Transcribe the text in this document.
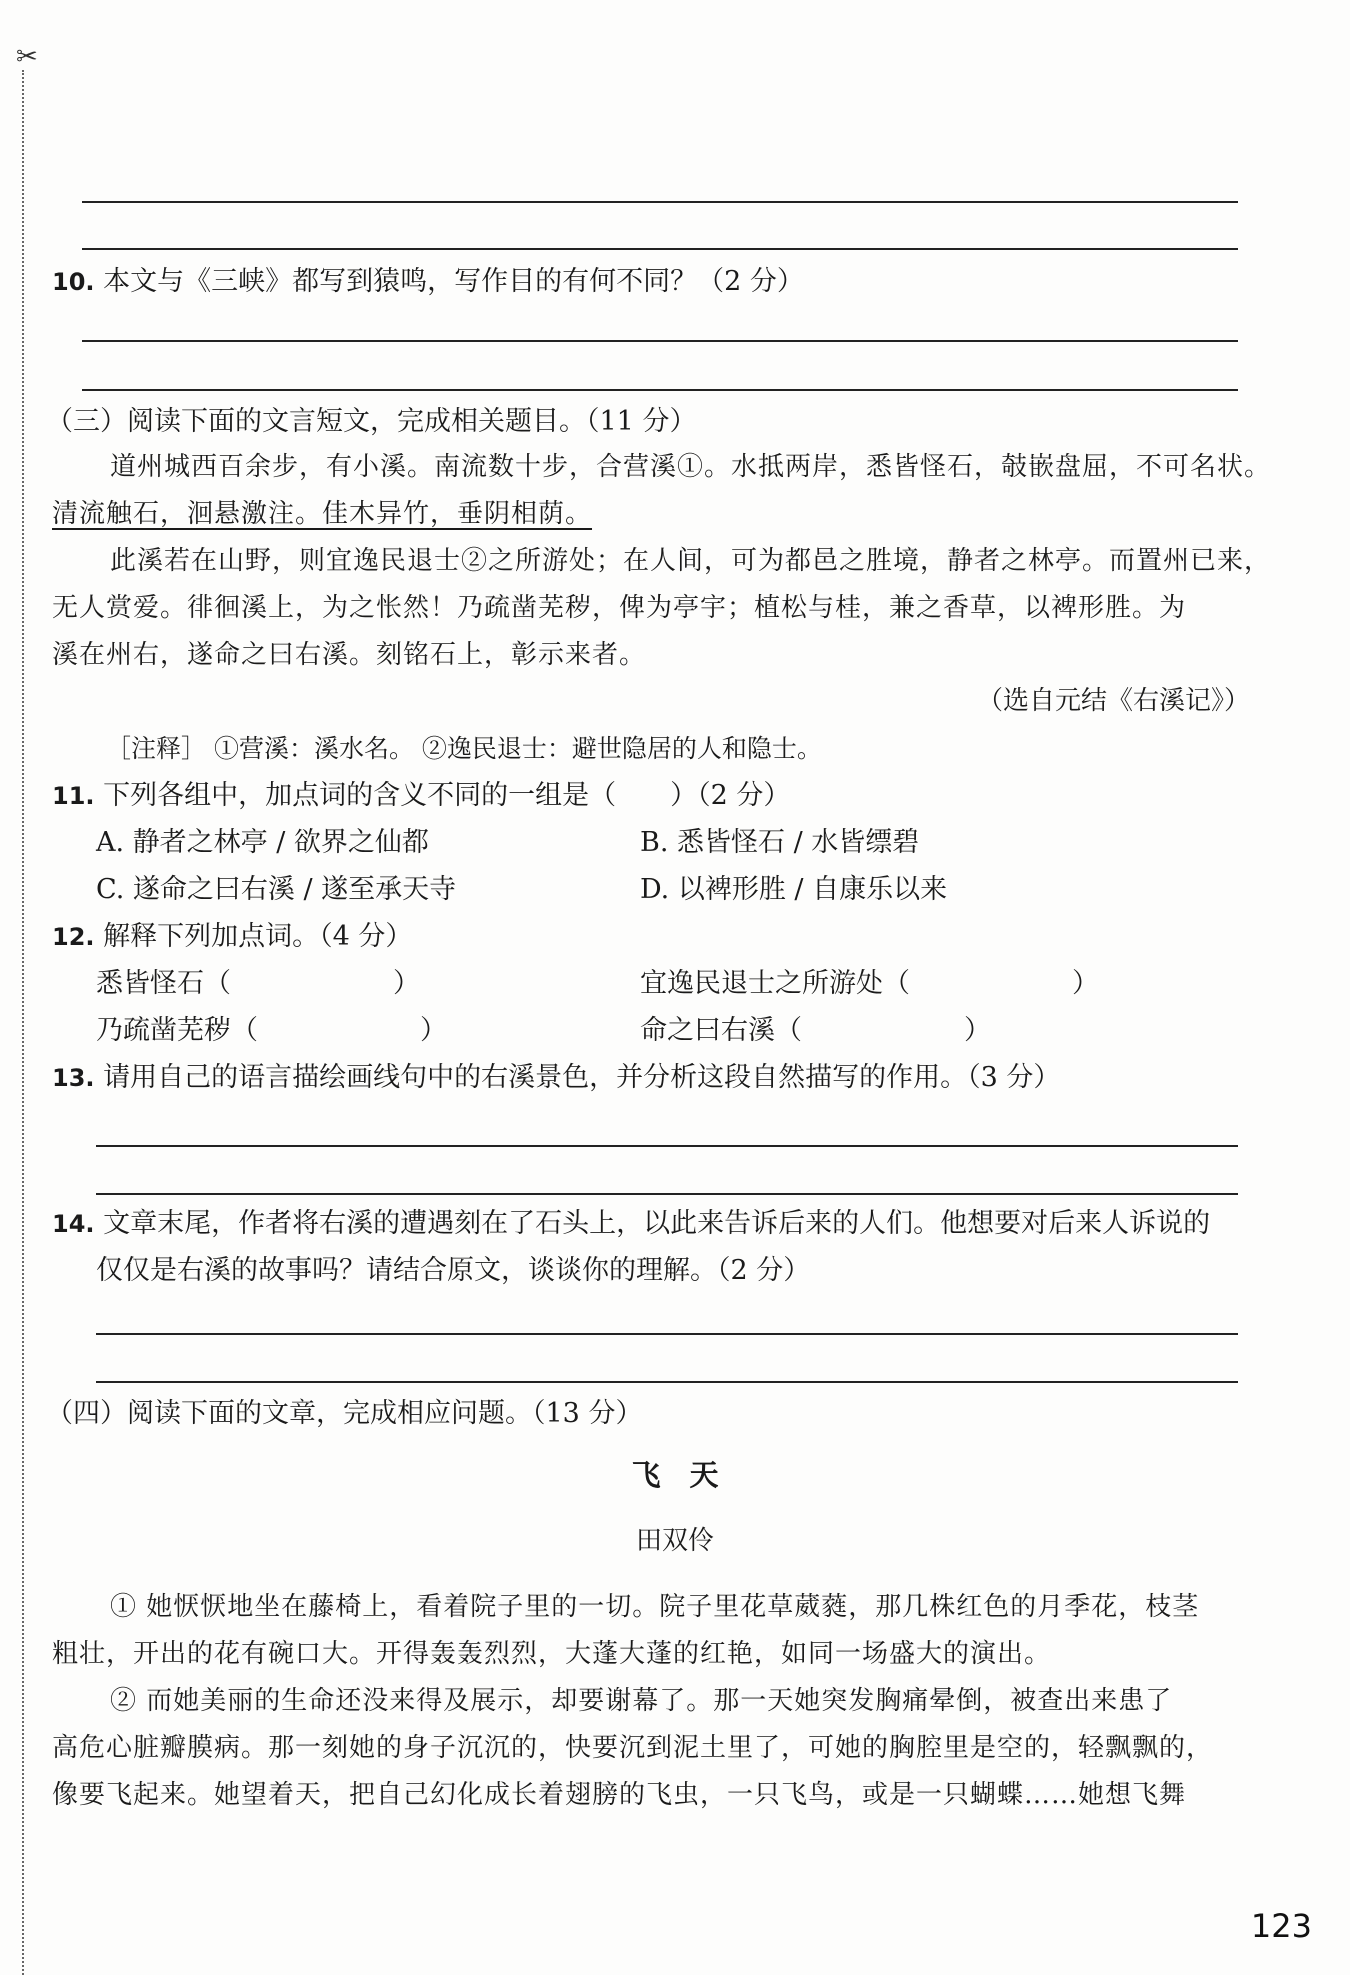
✂
10. 本文与《三峡》都写到猿鸣，写作目的有何不同？（2 分）
（三）阅读下面的文言短文，完成相关题目。（11 分）
道州城西百余步，有小溪。南流数十步，合营溪①。水抵两岸，悉皆怪石，攲嵌盘屈，不可名状。
清流触石，洄悬激注。佳木异竹，垂阴相荫。
此溪若在山野，则宜逸民退士②之所游处；在人间，可为都邑之胜境，静者之林亭。而置州已来，
无人赏爱。徘徊溪上，为之怅然！乃疏凿芜秽，俾为亭宇；植松与桂，兼之香草，以裨形胜。为
溪在州右，遂命之曰右溪。刻铭石上，彰示来者。
（选自元结《右溪记》）
［注释］ ①营溪：溪水名。 ②逸民退士：避世隐居的人和隐士。
11. 下列各组中，加点词的含义不同的一组是（　　）（2 分）
A. 静者之林亭 / 欲界之仙都	B. 悉皆怪石 / 水皆缥碧
C. 遂命之曰右溪 / 遂至承天寺	D. 以裨形胜 / 自康乐以来
12. 解释下列加点词。（4 分）
悉皆怪石（　　　　　　）	宜逸民退士之所游处（　　　　　　）
乃疏凿芜秽（　　　　　　）	命之曰右溪（　　　　　　）
13. 请用自己的语言描绘画线句中的右溪景色，并分析这段自然描写的作用。（3 分）
14. 文章末尾，作者将右溪的遭遇刻在了石头上，以此来告诉后来的人们。他想要对后来人诉说的
仅仅是右溪的故事吗？请结合原文，谈谈你的理解。（2 分）
（四）阅读下面的文章，完成相应问题。（13 分）
飞　天
田双伶
① 她恹恹地坐在藤椅上，看着院子里的一切。院子里花草葳蕤，那几株红色的月季花，枝茎
粗壮，开出的花有碗口大。开得轰轰烈烈，大蓬大蓬的红艳，如同一场盛大的演出。
② 而她美丽的生命还没来得及展示，却要谢幕了。那一天她突发胸痛晕倒，被查出来患了
高危心脏瓣膜病。那一刻她的身子沉沉的，快要沉到泥土里了，可她的胸腔里是空的，轻飘飘的，
像要飞起来。她望着天，把自己幻化成长着翅膀的飞虫，一只飞鸟，或是一只蝴蝶……她想飞舞
123
